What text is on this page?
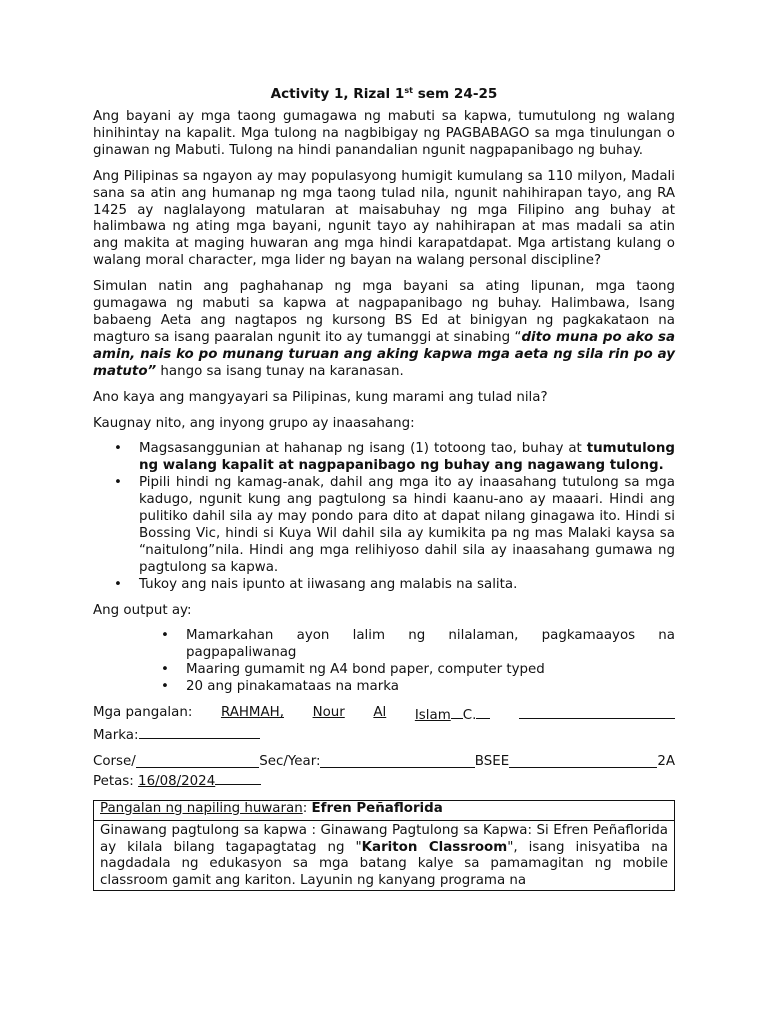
Activity 1, Rizal 1st sem 24-25

Ang bayani ay mga taong gumagawa ng mabuti sa kapwa, tumutulong ng walang hinihintay na kapalit. Mga tulong na nagbibigay ng PAGBABAGO sa mga tinulungan o ginawan ng Mabuti. Tulong na hindi panandalian ngunit nagpapanibago ng buhay.

Ang Pilipinas sa ngayon ay may populasyong humigit kumulang sa 110 milyon, Madali sana sa atin ang humanap ng mga taong tulad nila, ngunit nahihirapan tayo, ang RA 1425 ay naglalayong matularan at maisabuhay ng mga Filipino ang buhay at halimbawa ng ating mga bayani, ngunit tayo ay nahihirapan at mas madali sa atin ang makita at maging huwaran ang mga hindi karapatdapat. Mga artistang kulang o walang moral character, mga lider ng bayan na walang personal discipline?

Simulan natin ang paghahanap ng mga bayani sa ating lipunan, mga taong gumagawa ng mabuti sa kapwa at nagpapanibago ng buhay. Halimbawa, Isang babaeng Aeta ang nagtapos ng kursong BS Ed at binigyan ng pagkakataon na magturo sa isang paaralan ngunit ito ay tumanggi at sinabing “dito muna po ako sa amin, nais ko po munang turuan ang aking kapwa mga aeta ng sila rin po ay matuto” hango sa isang tunay na karanasan.

Ano kaya ang mangyayari sa Pilipinas, kung marami ang tulad nila?

Kaugnay nito, ang inyong grupo ay inaasahang:

• Magsasanggunian at hahanap ng isang (1) totoong tao, buhay at tumutulong ng walang kapalit at nagpapanibago ng buhay ang nagawang tulong.
• Pipili hindi ng kamag-anak, dahil ang mga ito ay inaasahang tutulong sa mga kadugo, ngunit kung ang pagtulong sa hindi kaanu-ano ay maaari. Hindi ang pulitiko dahil sila ay may pondo para dito at dapat nilang ginagawa ito. Hindi si Bossing Vic, hindi si Kuya Wil dahil sila ay kumikita pa ng mas Malaki kaysa sa “naitulong”nila. Hindi ang mga relihiyoso dahil sila ay inaasahang gumawa ng pagtulong sa kapwa.
• Tukoy ang nais ipunto at iiwasang ang malabis na salita.

Ang output ay:

• Mamarkahan ayon lalim ng nilalaman, pagkamaayos na pagpapaliwanag
• Maaring gumamit ng A4 bond paper, computer typed
• 20 ang pinakamataas na marka
Mga pangalan: RAHMAH, Nour Al Islam C.
Marka:
Corse/	Sec/Year:	BSEE	2A
Petas: 16/08/2024
Pangalan ng napiling huwaran: Efren Peñaflorida
Ginawang pagtulong sa kapwa : Ginawang Pagtulong sa Kapwa: Si Efren Peñaflorida ay kilala bilang tagapagtatag ng "Kariton Classroom", isang inisyatiba na nagdadala ng edukasyon sa mga batang kalye sa pamamagitan ng mobile classroom gamit ang kariton. Layunin ng kanyang programa na
